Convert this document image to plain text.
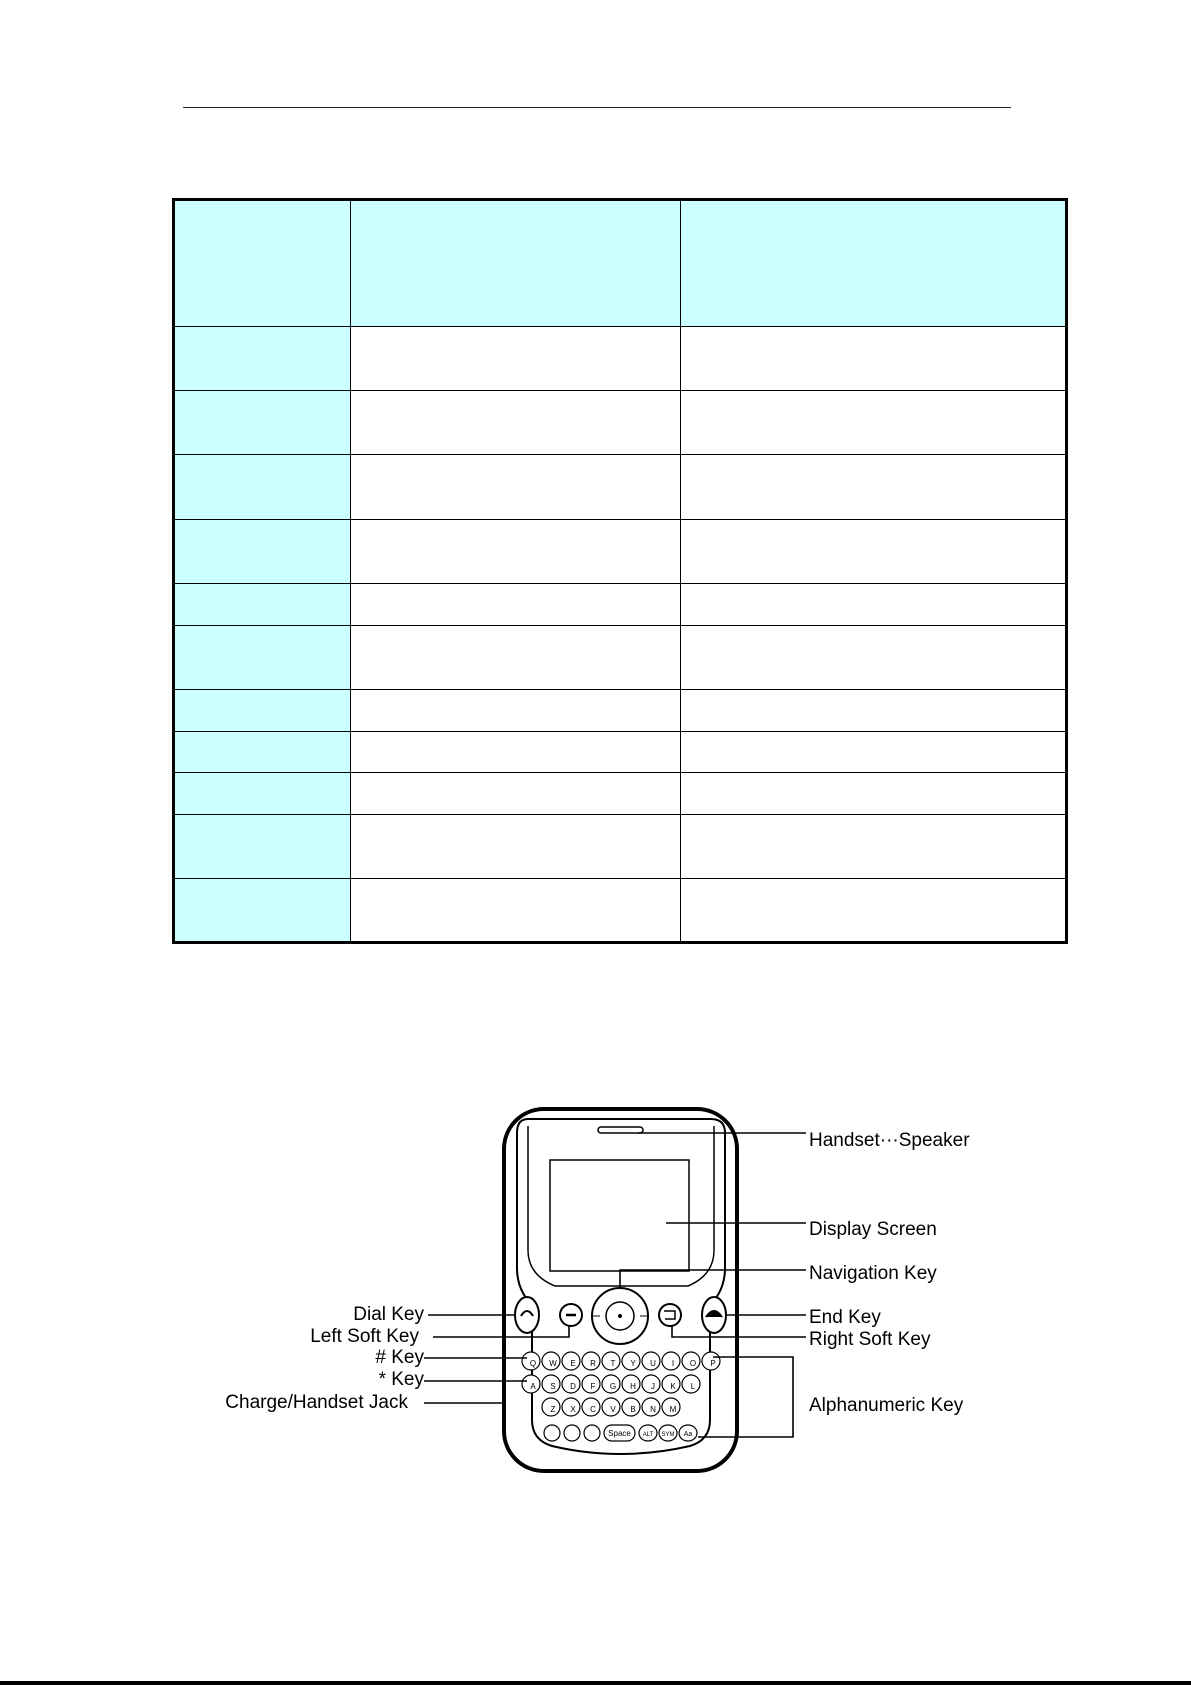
Q W E R T Y U I O P
A S D F G H J K L
Z X C V B N M
Space ALT SYM Aa
Handset···Speaker
Display Screen
Navigation Key
End Key
Right Soft Key
Alphanumeric Key
Dial Key
Left Soft Key
# Key
* Key
Charge/Handset Jack
